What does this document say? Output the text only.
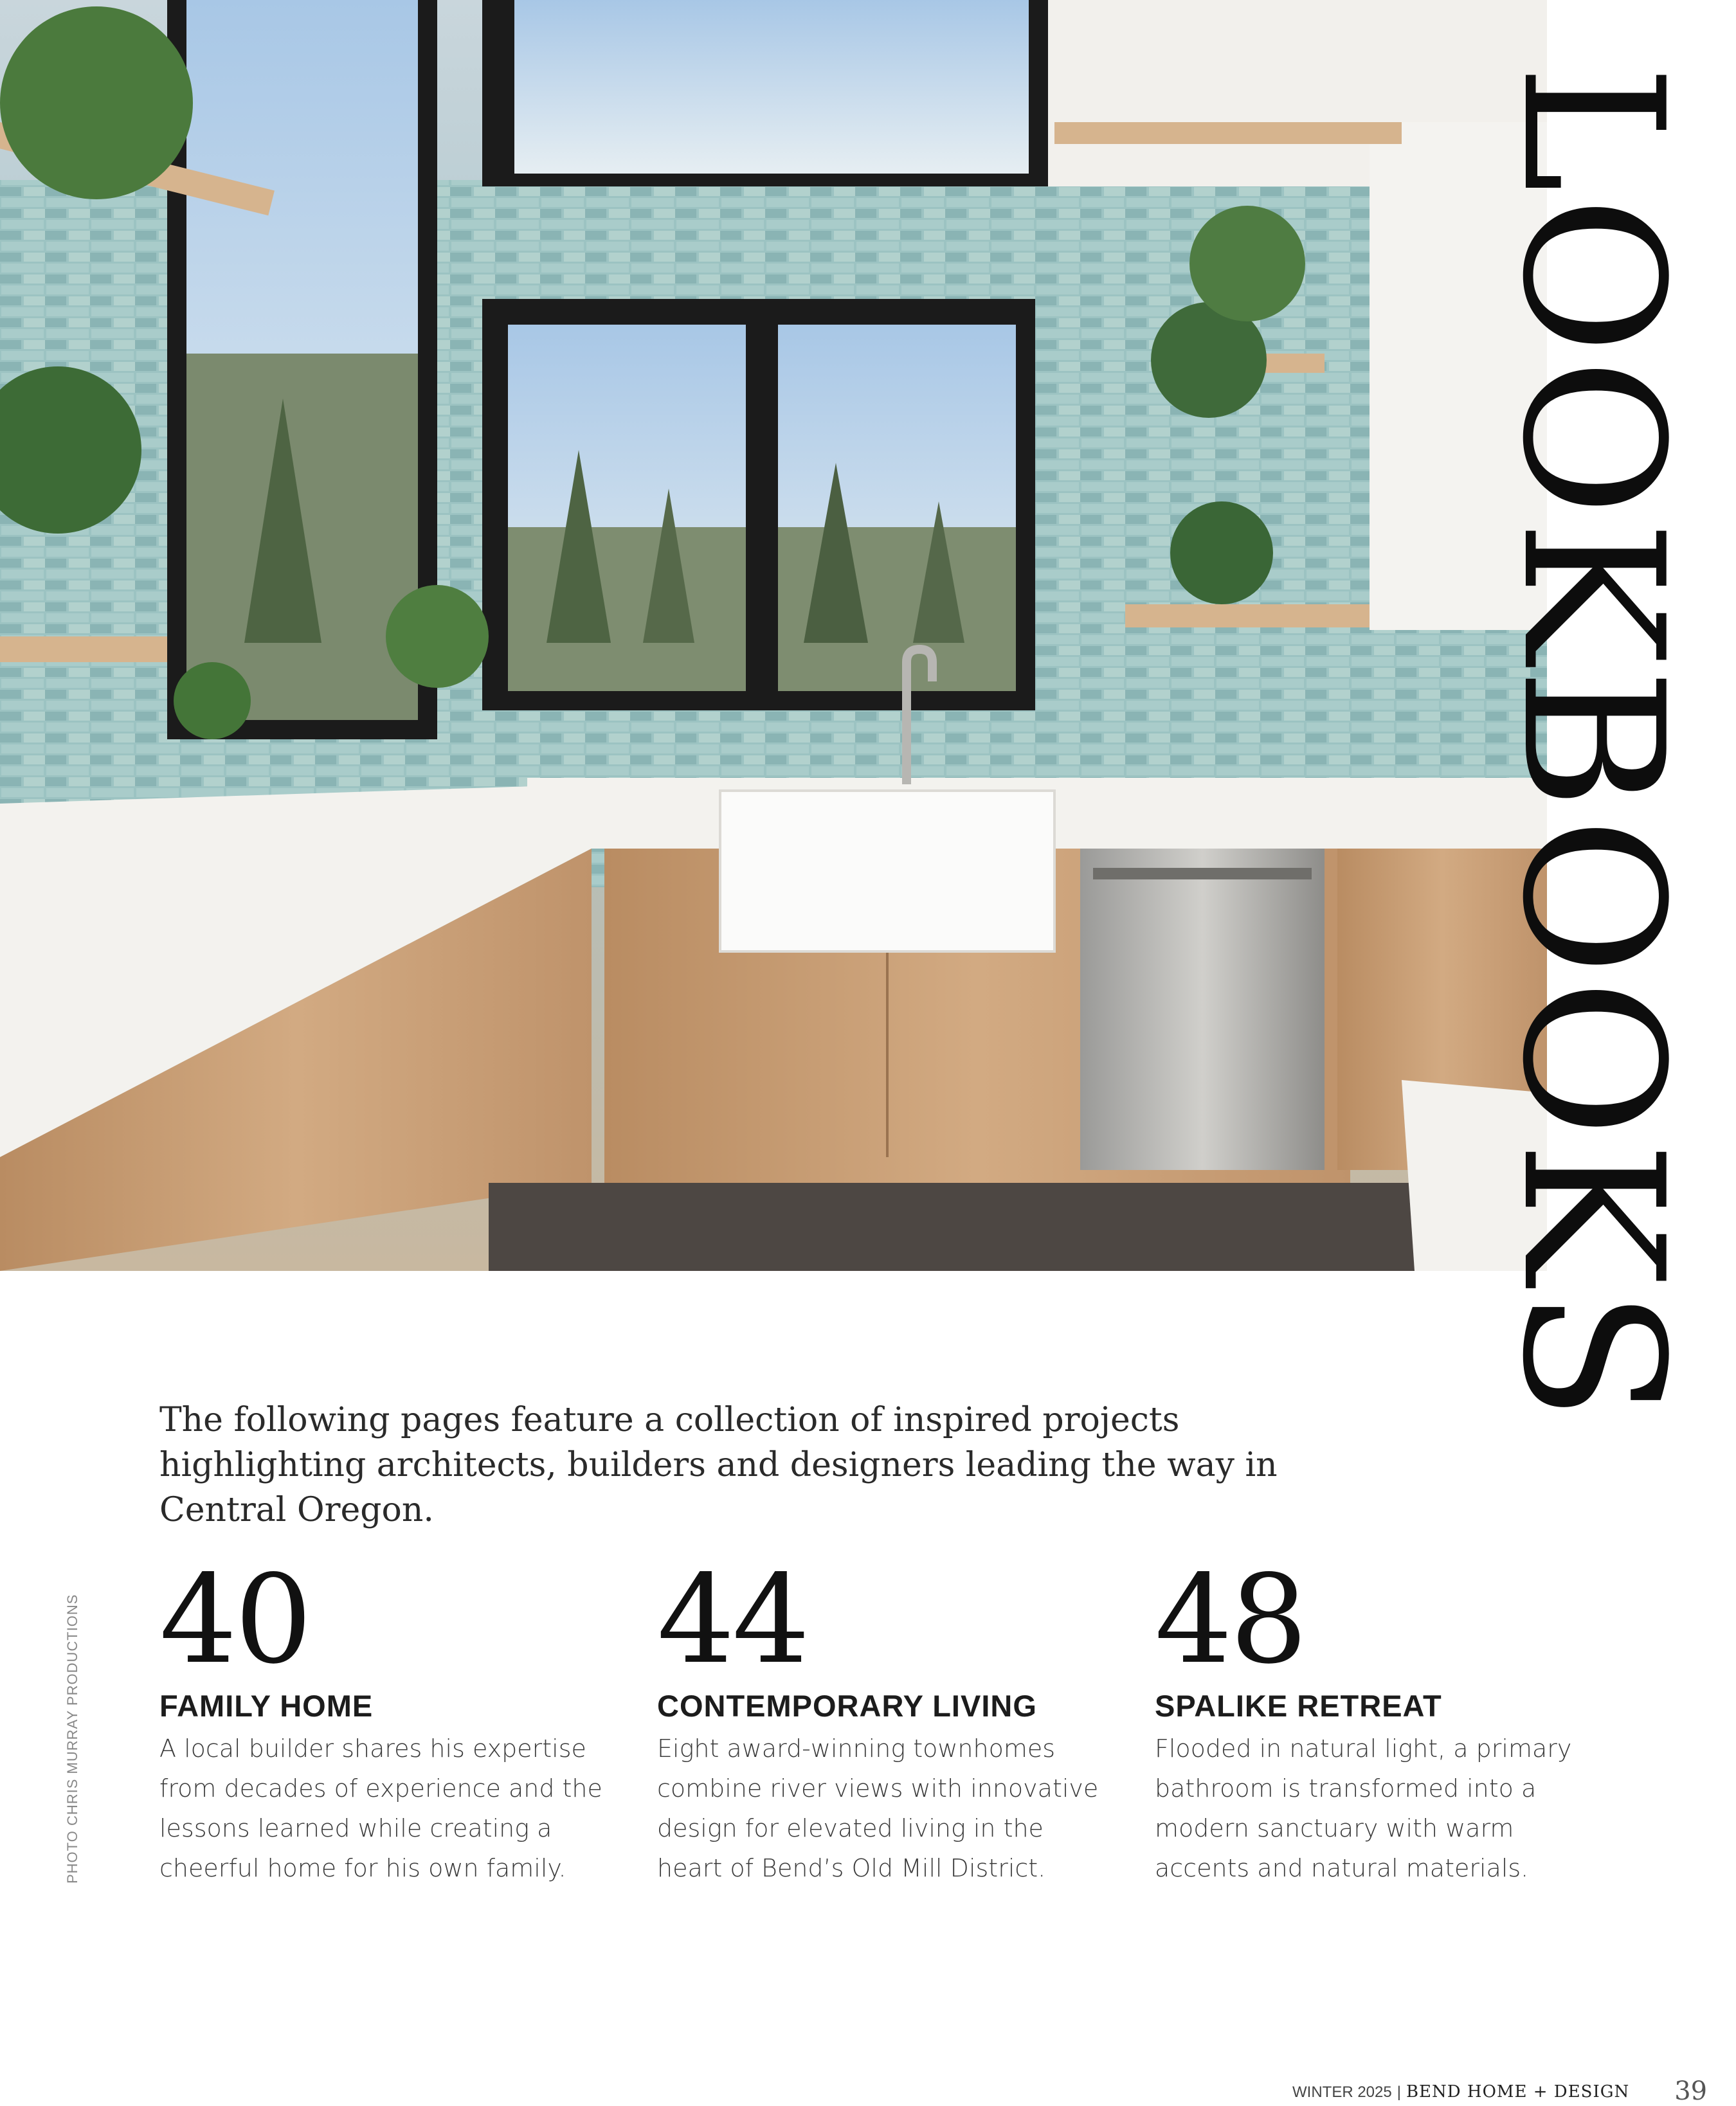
LOOKBOOKS
The following pages feature a collection of inspired projects highlighting architects, builders and designers leading the way in Central Oregon.
40
FAMILY HOME
A local builder shares his expertise from decades of experience and the lessons learned while creating a cheerful home for his own family.
44
CONTEMPORARY LIVING
Eight award-winning townhomes combine river views with innovative design for elevated living in the heart of Bend’s Old Mill District.
48
SPALIKE RETREAT
Flooded in natural light, a primary bathroom is transformed into a modern sanctuary with warm accents and natural materials.
PHOTO CHRIS MURRAY PRODUCTIONS
WINTER 2025 | BEND HOME + DESIGN 39
